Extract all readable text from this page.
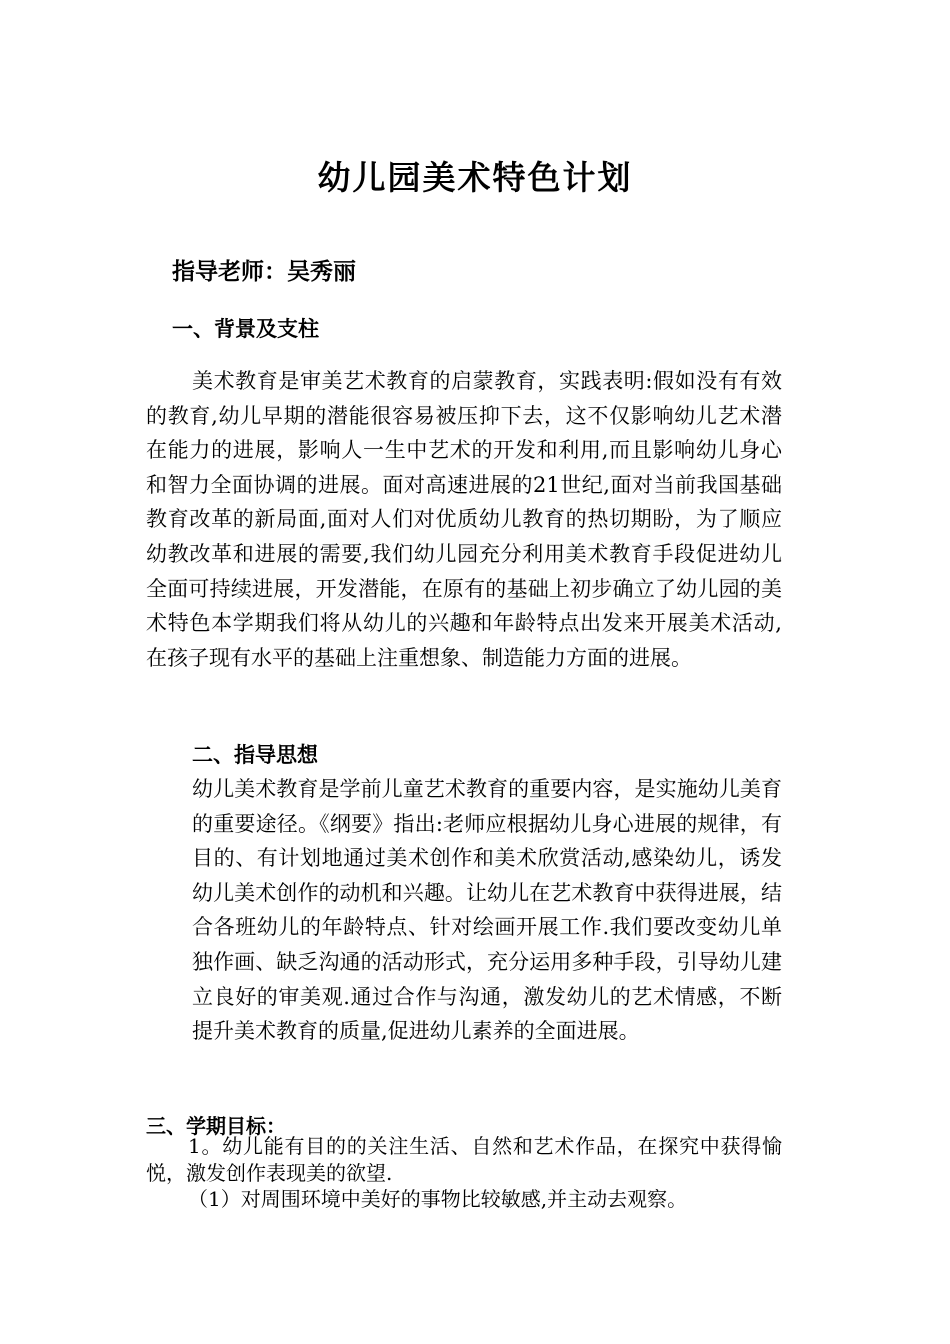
幼儿园美术特色计划
指导老师：吴秀丽
一、背景及支柱
美术教育是审美艺术教育的启蒙教育，实践表明:假如没有有效的教育,幼儿早期的潜能很容易被压抑下去，这不仅影响幼儿艺术潜在能力的进展，影响人一生中艺术的开发和利用,而且影响幼儿身心和智力全面协调的进展。面对高速进展的21世纪,面对当前我国基础教育改革的新局面,面对人们对优质幼儿教育的热切期盼，为了顺应幼教改革和进展的需要,我们幼儿园充分利用美术教育手段促进幼儿全面可持续进展，开发潜能，在原有的基础上初步确立了幼儿园的美术特色本学期我们将从幼儿的兴趣和年龄特点出发来开展美术活动,在孩子现有水平的基础上注重想象、制造能力方面的进展。
二、指导思想
幼儿美术教育是学前儿童艺术教育的重要内容，是实施幼儿美育的重要途径。《纲要》指出:老师应根据幼儿身心进展的规律，有目的、有计划地通过美术创作和美术欣赏活动,感染幼儿，诱发幼儿美术创作的动机和兴趣。让幼儿在艺术教育中获得进展，结合各班幼儿的年龄特点、针对绘画开展工作.我们要改变幼儿单独作画、缺乏沟通的活动形式，充分运用多种手段，引导幼儿建立良好的审美观.通过合作与沟通，激发幼儿的艺术情感，不断提升美术教育的质量,促进幼儿素养的全面进展。
三、学期目标：
1。幼儿能有目的的关注生活、自然和艺术作品，在探究中获得愉悦，激发创作表现美的欲望.
（1）对周围环境中美好的事物比较敏感,并主动去观察。
